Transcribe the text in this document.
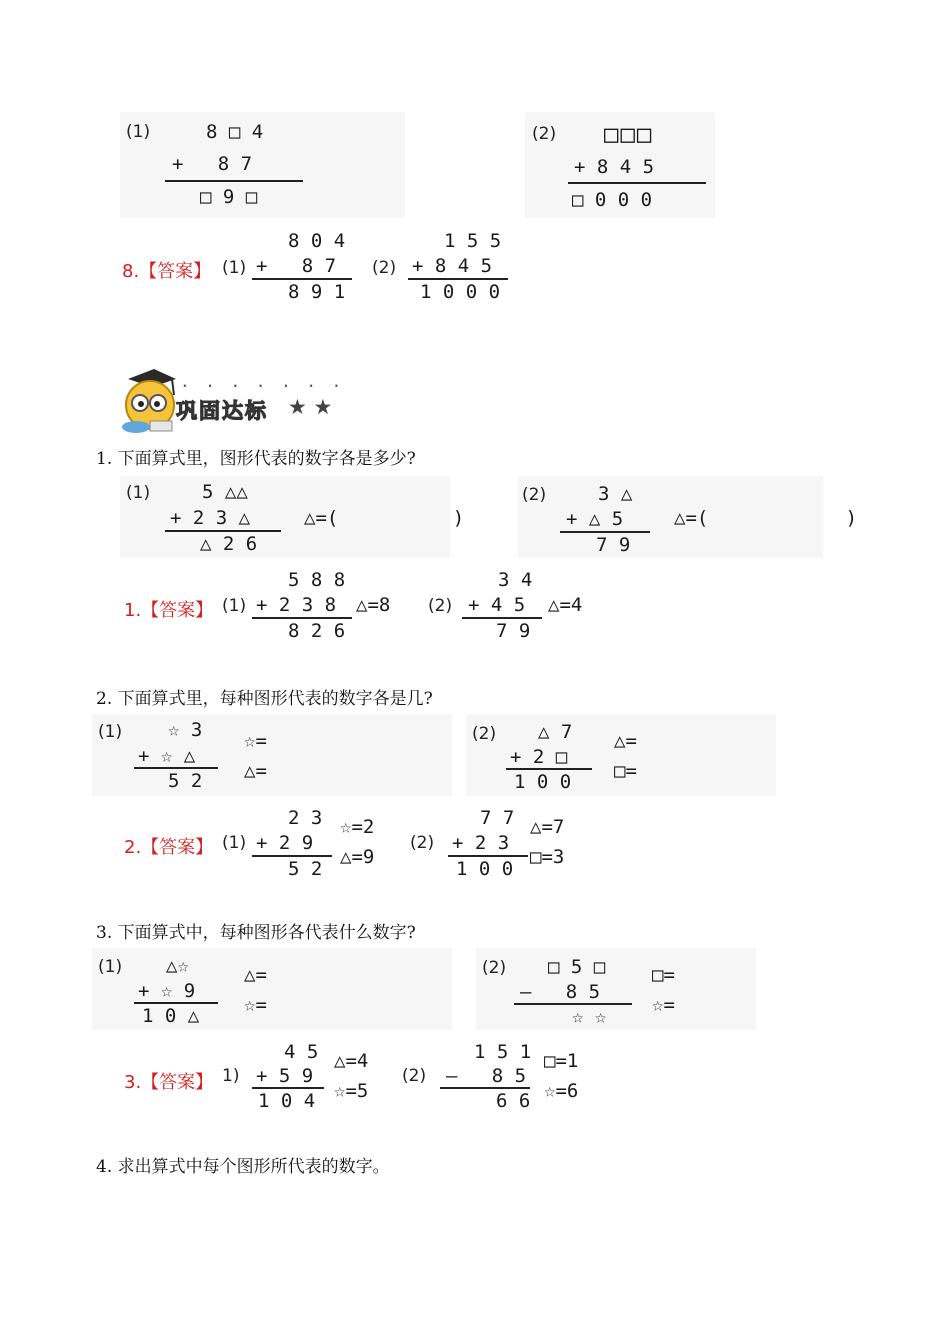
(1)	8 □ 4
+   8 7
□ 9 □
(2) □□□
+ 8 4 5
□ 0 0 0
8.【答案】 (1)
8 0 4
+   8 7
8 9 1
(2)
1 5 5
+ 8 4 5
1 0 0 0
. . . . . . .
巩固达标 ★ ★
1. 下面算式里，图形代表的数字各是多少?
(1)	5 △△
+ 2 3 △
△ 2 6
△=(          )
(2)	3 △
+ △ 5
7 9
△=(            )
1.【答案】 (1)
5 8 8
+ 2 3 8
8 2 6
△=8 (2)
3 4
+ 4 5
7 9
△=4
2. 下面算式里，每种图形代表的数字各是几?
(1) ☆ 3
+ ☆ △
5 2
☆=
△=
(2) △ 7
+ 2 □
1 0 0
△=
□=
2.【答案】 (1)
2 3
+ 2 9
5 2
☆=2
△=9
(2)
7 7
+ 2 3
1 0 0
△=7
□=3
3. 下面算式中，每种图形各代表什么数字?
(1) △☆
+ ☆ 9
1 0 △
△=
☆=
(2) □ 5 □
—   8 5
☆ ☆
□=
☆=
3.【答案】 1)
4 5
+ 5 9
1 0 4
△=4
☆=5
(2)
1 5 1
—   8 5
6 6
□=1
☆=6
4. 求出算式中每个图形所代表的数字。
